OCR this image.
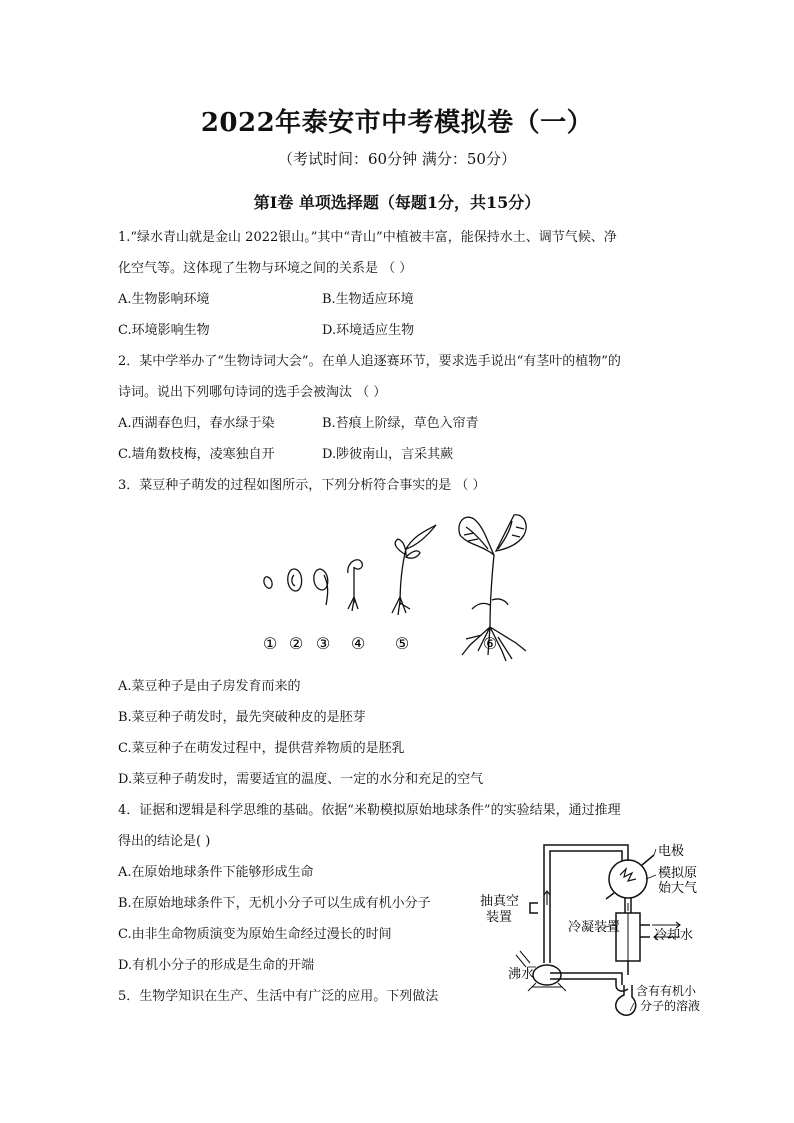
2022年泰安市中考模拟卷（一）
（考试时间：60分钟 满分：50分）
第Ⅰ卷 单项选择题（每题1分，共15分）
1.“绿水青山就是金山 2022银山。”其中“青山”中植被丰富，能保持水土、调节气候、净
化空气等。这体现了生物与环境之间的关系是 （ ）
A.生物影响环境	B.生物适应环境
C.环境影响生物	D.环境适应生物
2．某中学举办了“生物诗词大会”。在单人追逐赛环节，要求选手说出“有茎叶的植物”的
诗词。说出下列哪句诗词的选手会被淘汰 （ ）
A.西湖春色归，春水绿于染	B.苔痕上阶绿，草色入帘青
C.墙角数枝梅，凌寒独自开	D.陟彼南山，言采其蕨
3．菜豆种子萌发的过程如图所示，下列分析符合事实的是 （ ）
① ② ③ ④ ⑤	⑥
A.菜豆种子是由子房发育而来的
B.菜豆种子萌发时，最先突破种皮的是胚芽
C.菜豆种子在萌发过程中，提供营养物质的是胚乳
D.菜豆种子萌发时，需要适宜的温度、一定的水分和充足的空气
4．证据和逻辑是科学思维的基础。依据“米勒模拟原始地球条件”的实验结果，通过推理
得出的结论是( )
A.在原始地球条件下能够形成生命
B.在原始地球条件下，无机小分子可以生成有机小分子
C.由非生命物质演变为原始生命经过漫长的时间
D.有机小分子的形成是生命的开端
电极
模拟原
始大气
抽真空
装置
冷凝装置
冷却水
沸水
含有有机小
分子的溶液
5．生物学知识在生产、生活中有广泛的应用。下列做法
